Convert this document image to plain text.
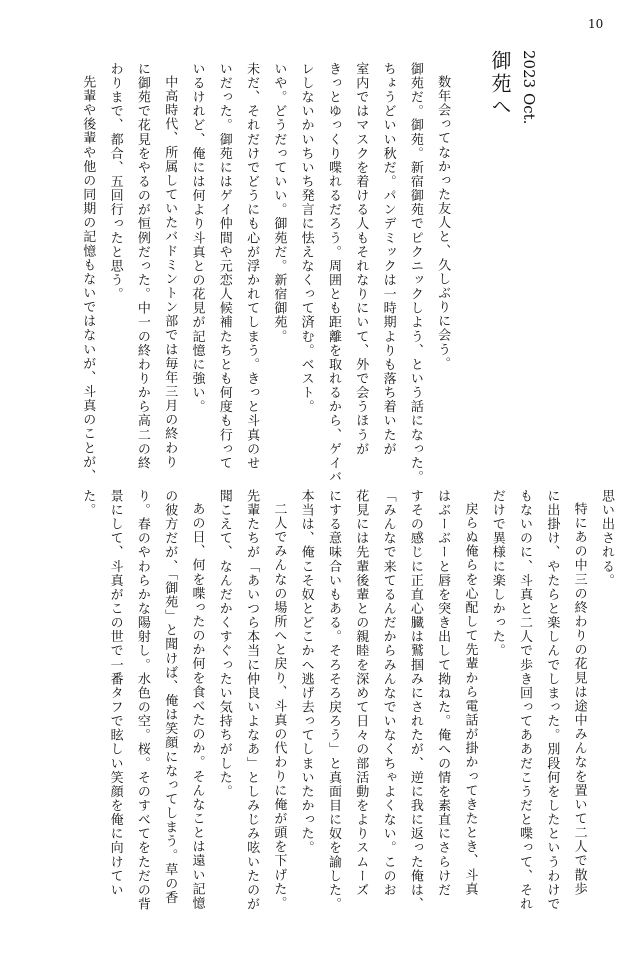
10
2023 Oct.
御苑へ
数年会ってなかった友人と、久しぶりに会う。
御苑だ。御苑。新宿御苑でピクニックしよう、という話になった。
ちょうどいい秋だ。パンデミックは一時期よりも落ち着いたが
室内ではマスクを着ける人もそれなりにいて、外で会うほうが
きっとゆっくり喋れるだろう。周囲とも距離を取れるから、ゲイバ
レしないかいちいち発言に怯えなくって済む。ベスト。
いや。どうだっていい。御苑だ。新宿御苑。
未だ、それだけでどうにも心が浮かれてしまう。きっと斗真のせ
いだった。御苑にはゲイ仲間や元恋人候補たちとも何度も行って
いるけれど、俺には何より斗真との花見が記憶に強い。
中高時代、所属していたバドミントン部では毎年三月の終わり
に御苑で花見をやるのが恒例だった。中一の終わりから高二の終
わりまで、都合、五回行ったと思う。
先輩や後輩や他の同期の記憶もないではないが、斗真のことが、
思い出される。
特にあの中三の終わりの花見は途中みんなを置いて二人で散歩
に出掛け、やたらと楽しんでしまった。別段何をしたというわけで
もないのに、斗真と二人で歩き回ってああだこうだと喋って、それ
だけで異様に楽しかった。
戻らぬ俺らを心配して先輩から電話が掛かってきたとき、斗真
はぶーぶーと唇を突き出して拗ねた。俺への情を素直にさらけだ
すその感じに正直心臓は鷲掴みにされたが、逆に我に返った俺は、
「みんなで来てるんだからみんなでいなくちゃよくない。このお
花見には先輩後輩との親睦を深めて日々の部活動をよりスムーズ
にする意味合いもある。そろそろ戻ろう」と真面目に奴を諭した。
本当は、俺こそ奴とどこかへ逃げ去ってしまいたかった。
二人でみんなの場所へと戻り、斗真の代わりに俺が頭を下げた。
先輩たちが「あいつら本当に仲良いよなあ」としみじみ呟いたのが
聞こえて、なんだかくすぐったい気持ちがした。
あの日、何を喋ったのか何を食べたのか。そんなことは遠い記憶
の彼方だが、「御苑」と聞けば、俺は笑顔になってしまう。草の香
り。春のやわらかな陽射し。水色の空。桜。そのすべてをただの背
景にして、斗真がこの世で一番タフで眩しい笑顔を俺に向けてい
た。
